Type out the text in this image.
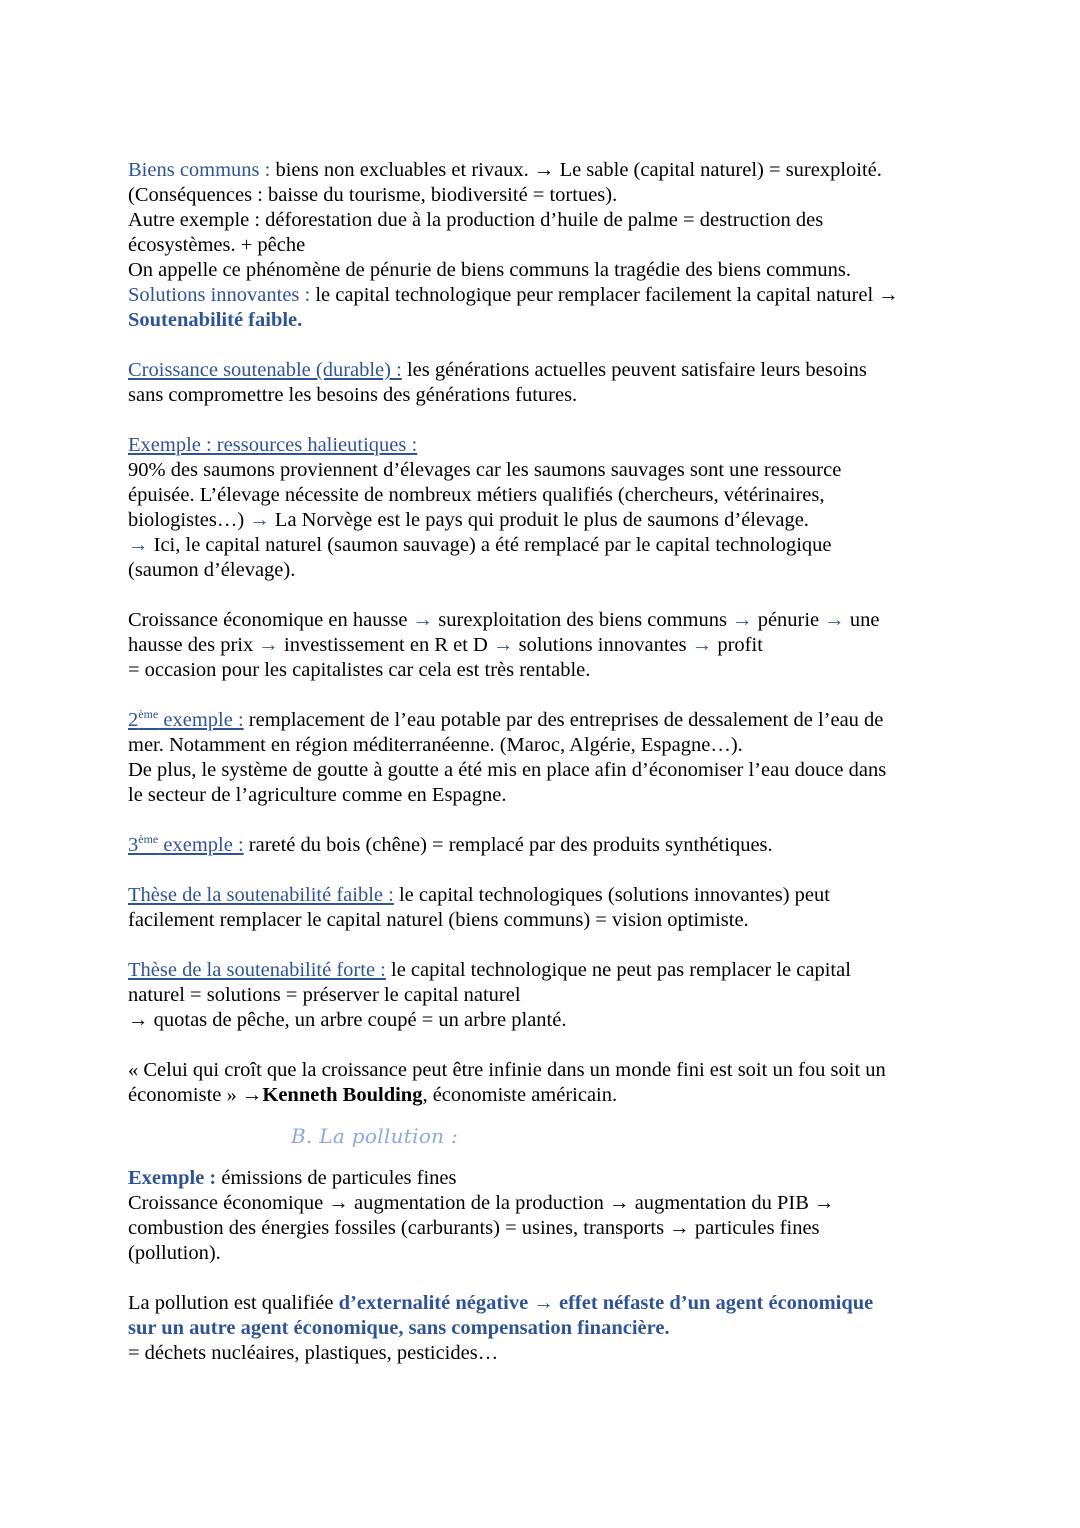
Biens communs : biens non excluables et rivaux. → Le sable (capital naturel) = surexploité.

(Conséquences : baisse du tourisme, biodiversité = tortues).

Autre exemple : déforestation due à la production d’huile de palme = destruction des

écosystèmes. + pêche

On appelle ce phénomène de pénurie de biens communs la tragédie des biens communs.

Solutions innovantes : le capital technologique peur remplacer facilement la capital naturel →

Soutenabilité faible.

Croissance soutenable (durable) : les générations actuelles peuvent satisfaire leurs besoins

sans compromettre les besoins des générations futures.

Exemple : ressources halieutiques :

90% des saumons proviennent d’élevages car les saumons sauvages sont une ressource

épuisée. L’élevage nécessite de nombreux métiers qualifiés (chercheurs, vétérinaires,

biologistes…) → La Norvège est le pays qui produit le plus de saumons d’élevage.

→ Ici, le capital naturel (saumon sauvage) a été remplacé par le capital technologique

(saumon d’élevage).

Croissance économique en hausse → surexploitation des biens communs → pénurie → une

hausse des prix → investissement en R et D → solutions innovantes → profit

= occasion pour les capitalistes car cela est très rentable.

2ème exemple : remplacement de l’eau potable par des entreprises de dessalement de l’eau de

mer. Notamment en région méditerranéenne. (Maroc, Algérie, Espagne…).

De plus, le système de goutte à goutte a été mis en place afin d’économiser l’eau douce dans

le secteur de l’agriculture comme en Espagne.

3ème exemple : rareté du bois (chêne) = remplacé par des produits synthétiques.

Thèse de la soutenabilité faible : le capital technologiques (solutions innovantes) peut

facilement remplacer le capital naturel (biens communs) = vision optimiste.

Thèse de la soutenabilité forte : le capital technologique ne peut pas remplacer le capital

naturel = solutions = préserver le capital naturel

→ quotas de pêche, un arbre coupé = un arbre planté.

« Celui qui croît que la croissance peut être infinie dans un monde fini est soit un fou soit un

économiste » →Kenneth Boulding, économiste américain.

B. La pollution :

Exemple : émissions de particules fines

Croissance économique → augmentation de la production → augmentation du PIB →

combustion des énergies fossiles (carburants) = usines, transports → particules fines

(pollution).

La pollution est qualifiée d’externalité négative → effet néfaste d’un agent économique

sur un autre agent économique, sans compensation financière.

= déchets nucléaires, plastiques, pesticides…
